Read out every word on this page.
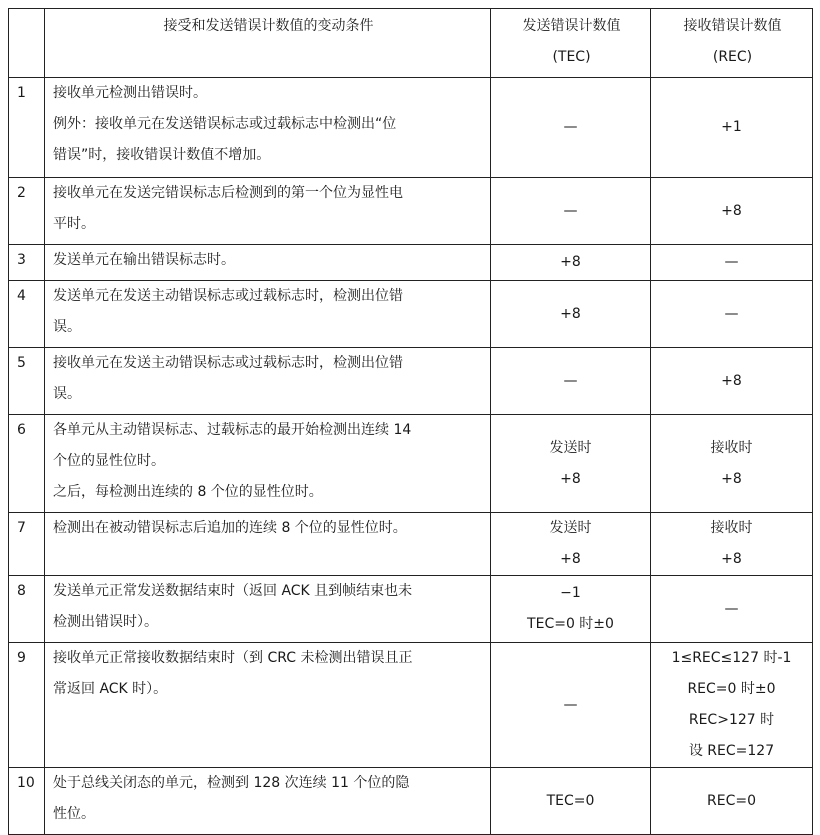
	接受和发送错误计数值的变动条件	发送错误计数值
(TEC)	接收错误计数值
(REC)

1	接收单元检测出错误时。
例外：接收单元在发送错误标志或过载标志中检测出“位
错误”时，接收错误计数值不增加。	—	+1

2	接收单元在发送完错误标志后检测到的第一个位为显性电
平时。	—	+8

3	发送单元在输出错误标志时。	+8	—

4	发送单元在发送主动错误标志或过载标志时，检测出位错
误。	+8	—

5	接收单元在发送主动错误标志或过载标志时，检测出位错
误。	—	+8

6	各单元从主动错误标志、过载标志的最开始检测出连续 14
个位的显性位时。
之后，每检测出连续的 8 个位的显性位时。	发送时
+8	接收时
+8

7	检测出在被动错误标志后追加的连续 8 个位的显性位时。	发送时
+8	接收时
+8

8	发送单元正常发送数据结束时（返回 ACK 且到帧结束也未
检测出错误时）。	−1
TEC=0 时±0	—

9	接收单元正常接收数据结束时（到 CRC 未检测出错误且正
常返回 ACK 时）。	—	1≤REC≤127 时-1
REC=0 时±0
REC>127 时
设 REC=127

10	处于总线关闭态的单元，检测到 128 次连续 11 个位的隐
性位。	TEC=0	REC=0
